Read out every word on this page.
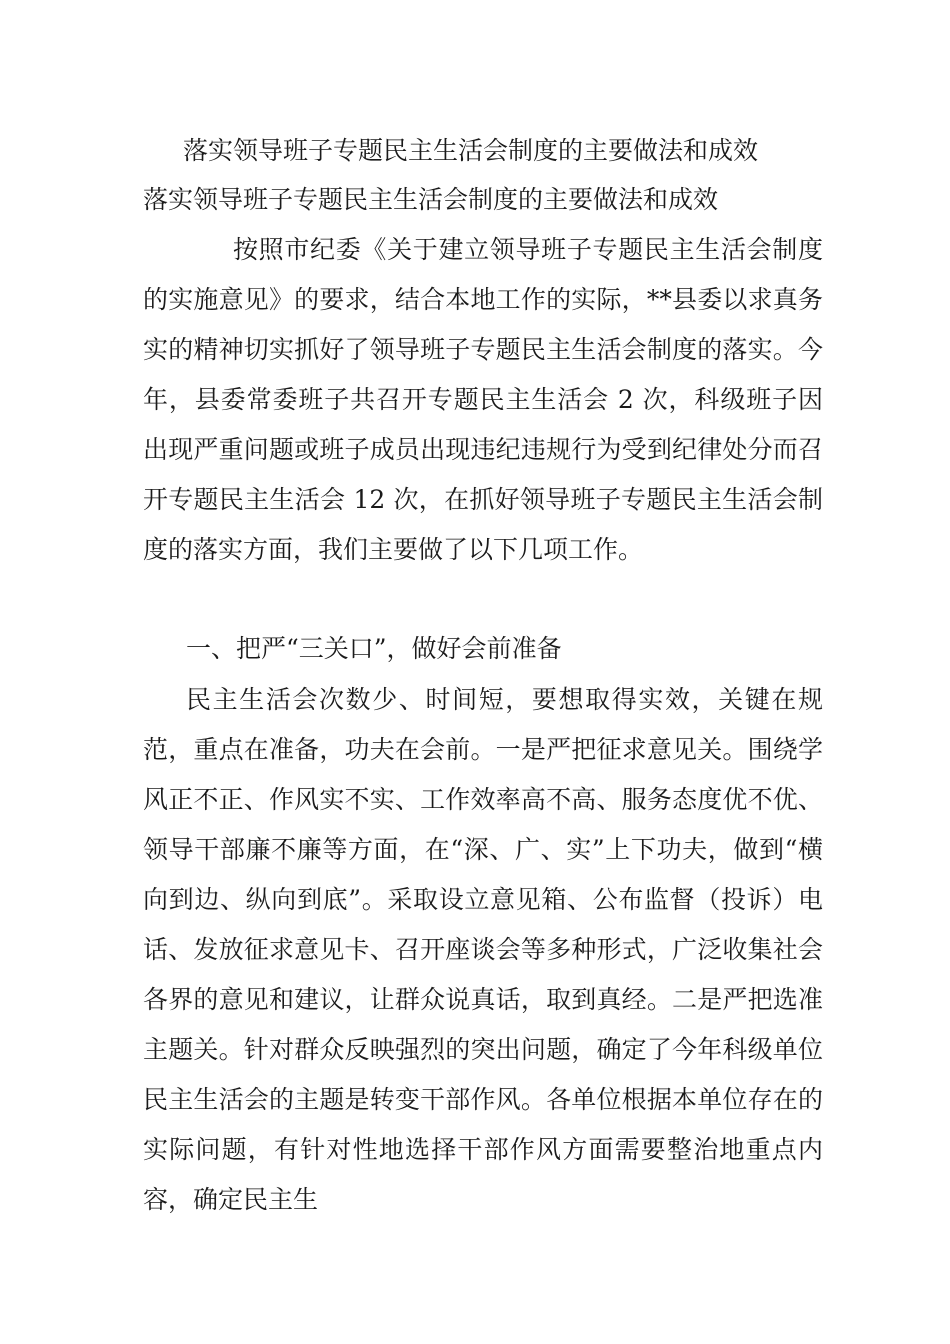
落实领导班子专题民主生活会制度的主要做法和成效
落实领导班子专题民主生活会制度的主要做法和成效
按照市纪委《关于建立领导班子专题民主生活会制度的实施意见》的要求，结合本地工作的实际，**县委以求真务实的精神切实抓好了领导班子专题民主生活会制度的落实。今年，县委常委班子共召开专题民主生活会 2 次，科级班子因出现严重问题或班子成员出现违纪违规行为受到纪律处分而召开专题民主生活会 12 次，在抓好领导班子专题民主生活会制度的落实方面，我们主要做了以下几项工作。
一、把严“三关口”，做好会前准备
民主生活会次数少、时间短，要想取得实效，关键在规范，重点在准备，功夫在会前。一是严把征求意见关。围绕学风正不正、作风实不实、工作效率高不高、服务态度优不优、领导干部廉不廉等方面，在“深、广、实”上下功夫，做到“横向到边、纵向到底”。采取设立意见箱、公布监督（投诉）电话、发放征求意见卡、召开座谈会等多种形式，广泛收集社会各界的意见和建议，让群众说真话，取到真经。二是严把选准主题关。针对群众反映强烈的突出问题，确定了今年科级单位民主生活会的主题是转变干部作风。各单位根据本单位存在的实际问题，有针对性地选择干部作风方面需要整治地重点内容，确定民主生
